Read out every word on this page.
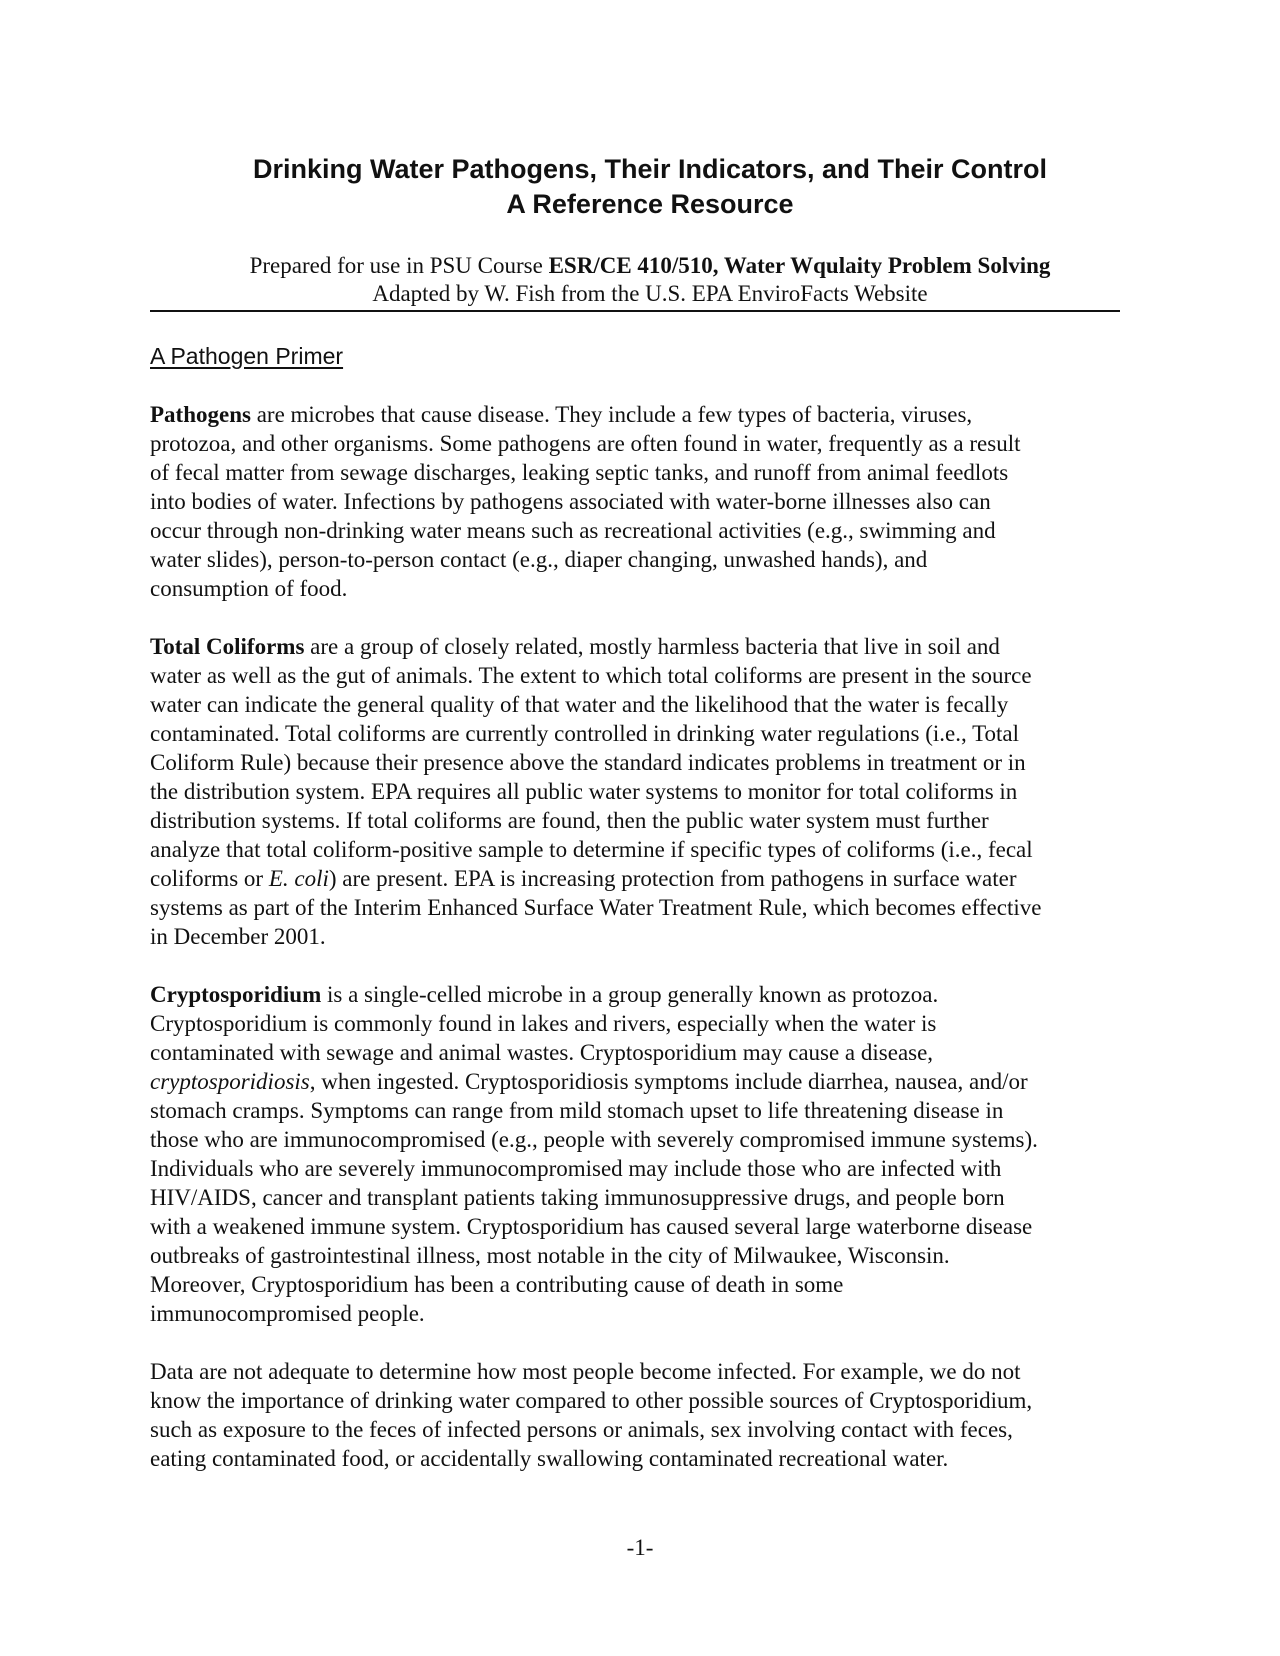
Drinking Water Pathogens, Their Indicators, and Their Control
A Reference Resource
Prepared for use in PSU Course ESR/CE 410/510, Water Wqulaity Problem Solving
Adapted by W. Fish from the U.S. EPA EnviroFacts Website
A Pathogen Primer

Pathogens are microbes that cause disease. They include a few types of bacteria, viruses,

protozoa, and other organisms. Some pathogens are often found in water, frequently as a result

of fecal matter from sewage discharges, leaking septic tanks, and runoff from animal feedlots

into bodies of water. Infections by pathogens associated with water-borne illnesses also can

occur through non-drinking water means such as recreational activities (e.g., swimming and

water slides), person-to-person contact (e.g., diaper changing, unwashed hands), and

consumption of food.

Total Coliforms are a group of closely related, mostly harmless bacteria that live in soil and

water as well as the gut of animals. The extent to which total coliforms are present in the source

water can indicate the general quality of that water and the likelihood that the water is fecally

contaminated. Total coliforms are currently controlled in drinking water regulations (i.e., Total

Coliform Rule) because their presence above the standard indicates problems in treatment or in

the distribution system. EPA requires all public water systems to monitor for total coliforms in

distribution systems. If total coliforms are found, then the public water system must further

analyze that total coliform-positive sample to determine if specific types of coliforms (i.e., fecal

coliforms or E. coli) are present. EPA is increasing protection from pathogens in surface water

systems as part of the Interim Enhanced Surface Water Treatment Rule, which becomes effective

in December 2001.

Cryptosporidium is a single-celled microbe in a group generally known as protozoa.

Cryptosporidium is commonly found in lakes and rivers, especially when the water is

contaminated with sewage and animal wastes. Cryptosporidium may cause a disease,

cryptosporidiosis, when ingested. Cryptosporidiosis symptoms include diarrhea, nausea, and/or

stomach cramps. Symptoms can range from mild stomach upset to life threatening disease in

those who are immunocompromised (e.g., people with severely compromised immune systems).

Individuals who are severely immunocompromised may include those who are infected with

HIV/AIDS, cancer and transplant patients taking immunosuppressive drugs, and people born

with a weakened immune system. Cryptosporidium has caused several large waterborne disease

outbreaks of gastrointestinal illness, most notable in the city of Milwaukee, Wisconsin.

Moreover, Cryptosporidium has been a contributing cause of death in some

immunocompromised people.

Data are not adequate to determine how most people become infected. For example, we do not

know the importance of drinking water compared to other possible sources of Cryptosporidium,

such as exposure to the feces of infected persons or animals, sex involving contact with feces,

eating contaminated food, or accidentally swallowing contaminated recreational water.

-1-
